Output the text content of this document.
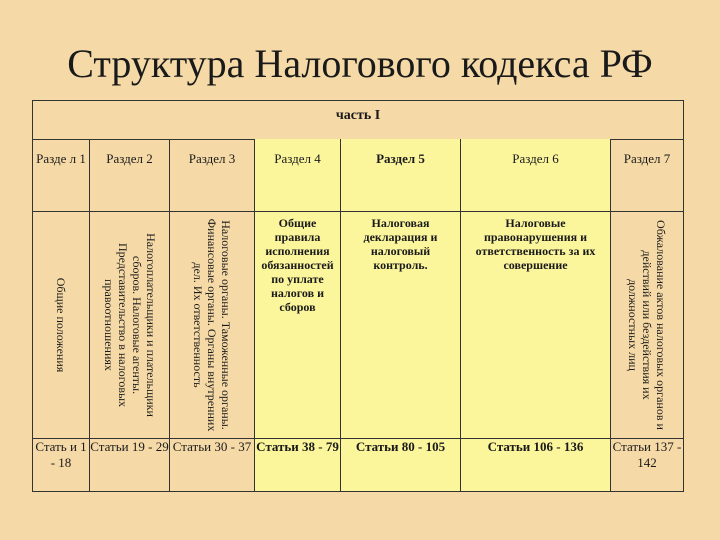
Структура Налогового кодекса РФ
часть I
Разде л 1
Общие положения
Стать и 1 - 18
Раздел 2
Налогоплательщики и плательщики сборов. Налоговые агенты. Представительство в налоговых правоотношениях
Статьи 19 - 29
Раздел 3
Налоговые органы. Таможенные органы. Финансовые органы. Органы внутренних дел. Их ответственность
Статьи 30 - 37
Раздел 4
Общие правила исполнения обязанностей по уплате налогов и сборов
Статьи 38 - 79
Раздел 5
Налоговая декларация и налоговый контроль.
Статьи 80 - 105
Раздел 6
Налоговые правонарушения и ответственность за их совершение
Статьи 106 - 136
Раздел 7
Обжалование актов налоговых органов и действий или бездействия их должностных лиц
Статьи 137 - 142
